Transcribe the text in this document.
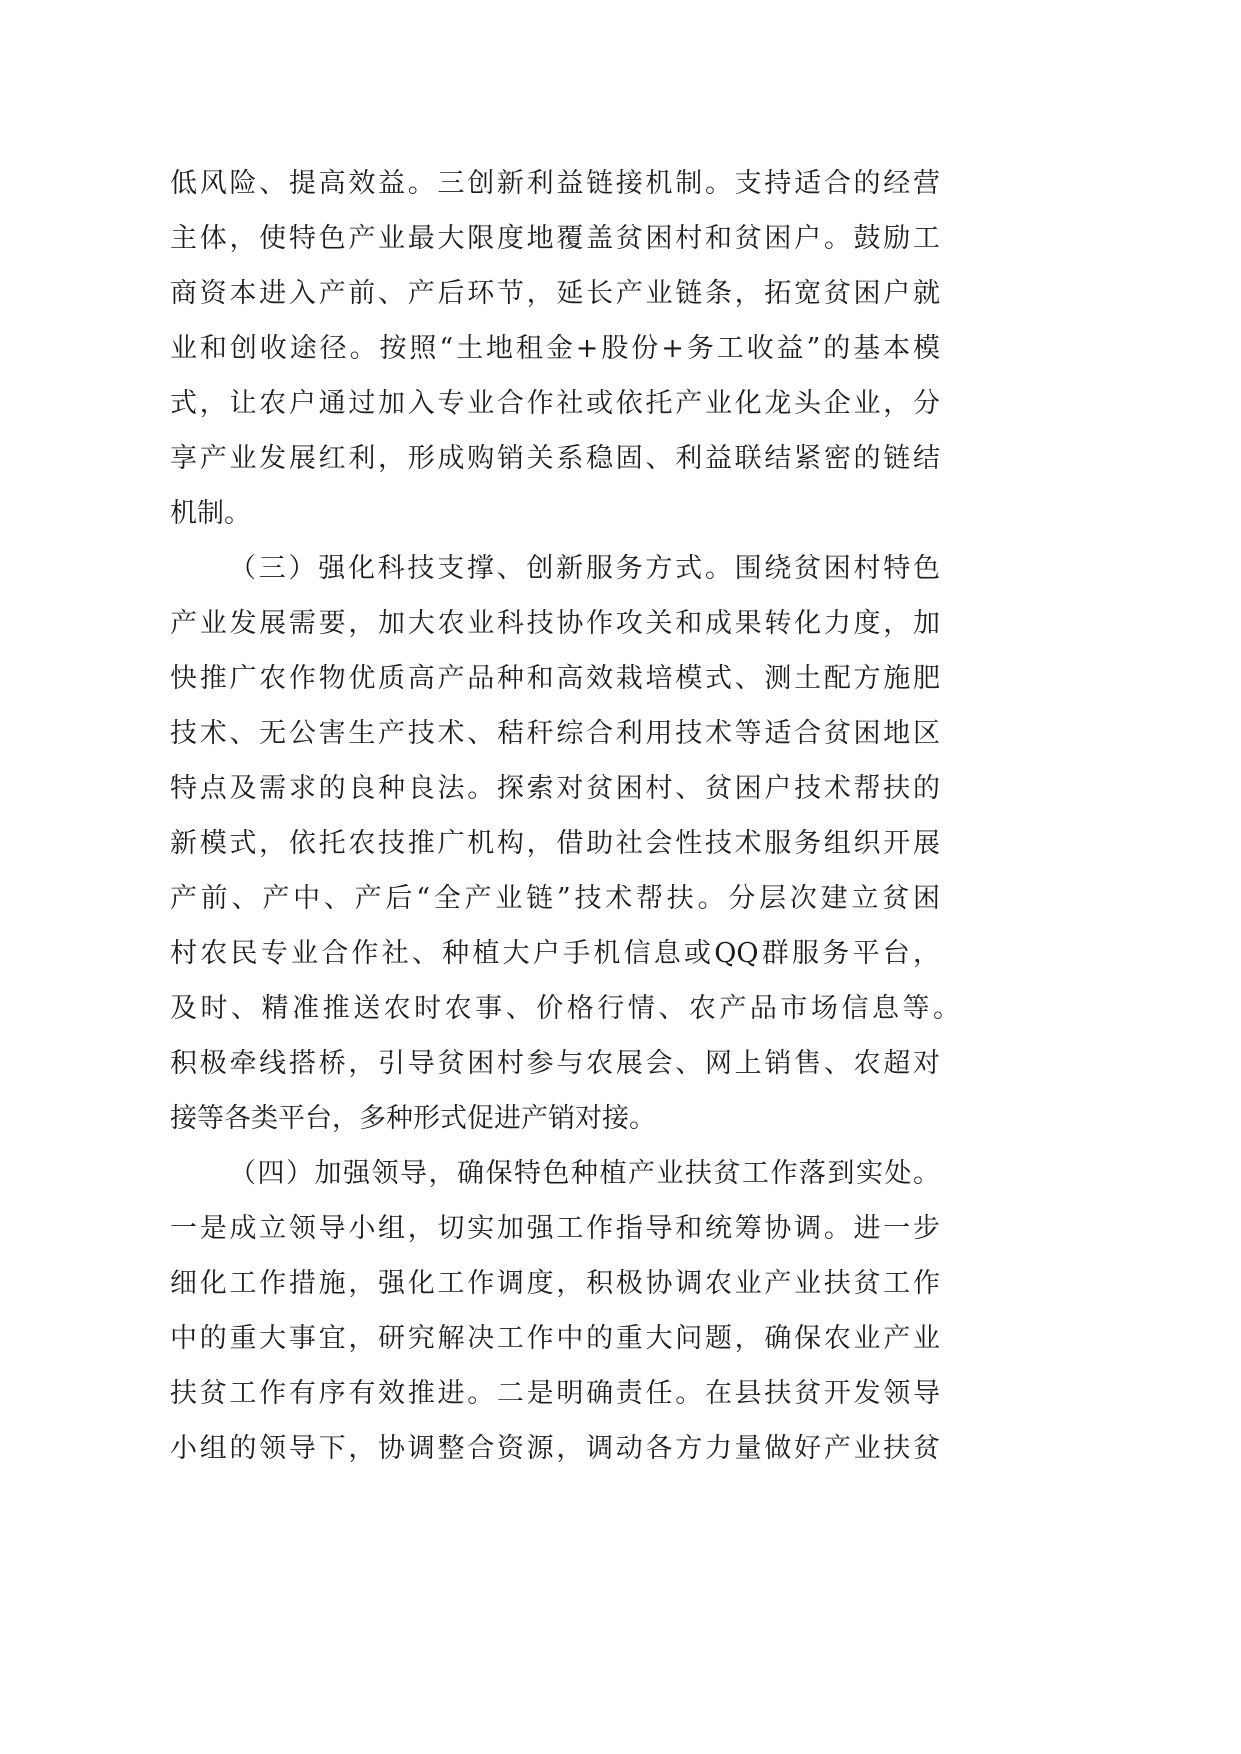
低风险、提高效益。三创新利益链接机制。支持适合的经营
主体，使特色产业最大限度地覆盖贫困村和贫困户。鼓励工
商资本进入产前、产后环节，延长产业链条，拓宽贫困户就
业和创收途径。按照“土地租金+股份+务工收益”的基本模
式，让农户通过加入专业合作社或依托产业化龙头企业，分
享产业发展红利，形成购销关系稳固、利益联结紧密的链结
机制。
（三）强化科技支撑、创新服务方式。围绕贫困村特色
产业发展需要，加大农业科技协作攻关和成果转化力度，加
快推广农作物优质高产品种和高效栽培模式、测土配方施肥
技术、无公害生产技术、秸秆综合利用技术等适合贫困地区
特点及需求的良种良法。探索对贫困村、贫困户技术帮扶的
新模式，依托农技推广机构，借助社会性技术服务组织开展
产前、产中、产后“全产业链”技术帮扶。分层次建立贫困
村农民专业合作社、种植大户手机信息或QQ群服务平台，
及时、精准推送农时农事、价格行情、农产品市场信息等。
积极牵线搭桥，引导贫困村参与农展会、网上销售、农超对
接等各类平台，多种形式促进产销对接。
（四）加强领导，确保特色种植产业扶贫工作落到实处。
一是成立领导小组，切实加强工作指导和统筹协调。进一步
细化工作措施，强化工作调度，积极协调农业产业扶贫工作
中的重大事宜，研究解决工作中的重大问题，确保农业产业
扶贫工作有序有效推进。二是明确责任。在县扶贫开发领导
小组的领导下，协调整合资源，调动各方力量做好产业扶贫
